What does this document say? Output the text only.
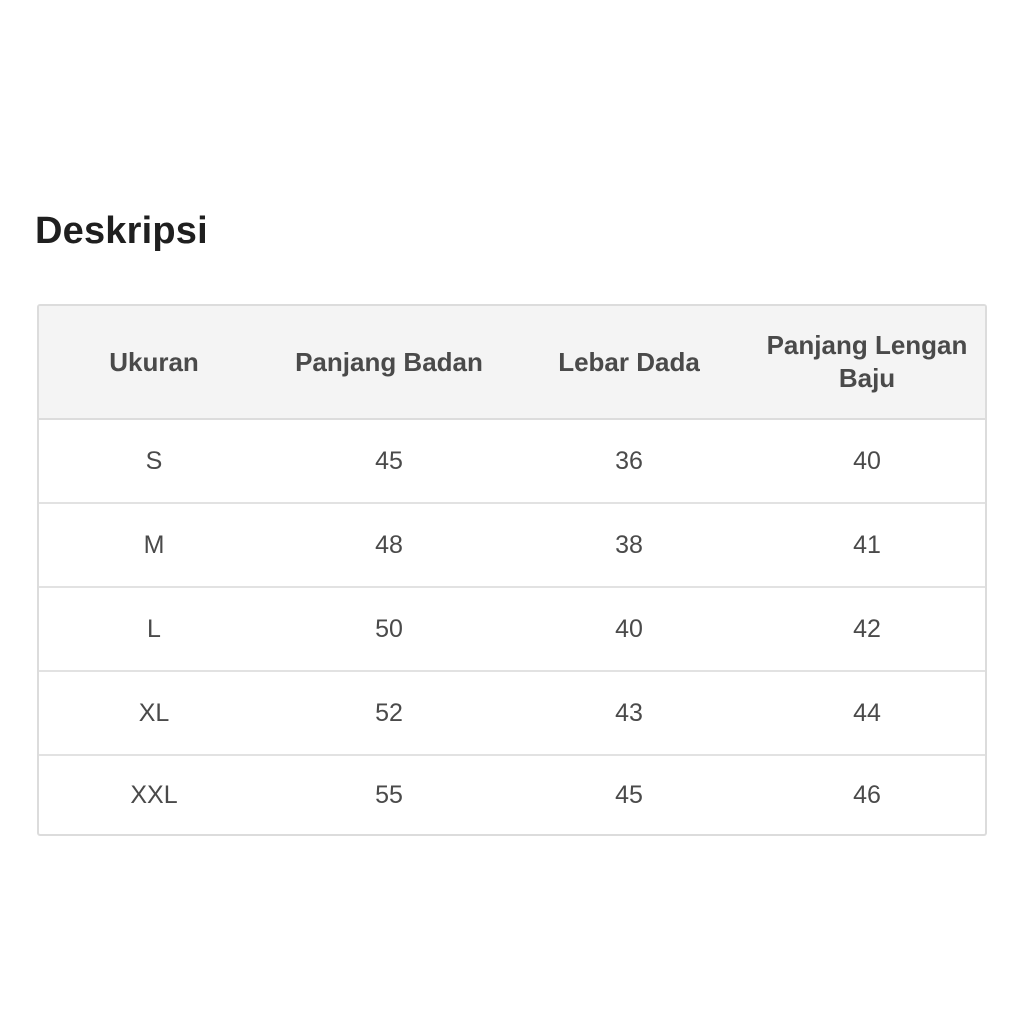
Deskripsi
Ukuran	Panjang Badan	Lebar Dada	Panjang Lengan Baju
S	45	36	40
M	48	38	41
L	50	40	42
XL	52	43	44
XXL	55	45	46
